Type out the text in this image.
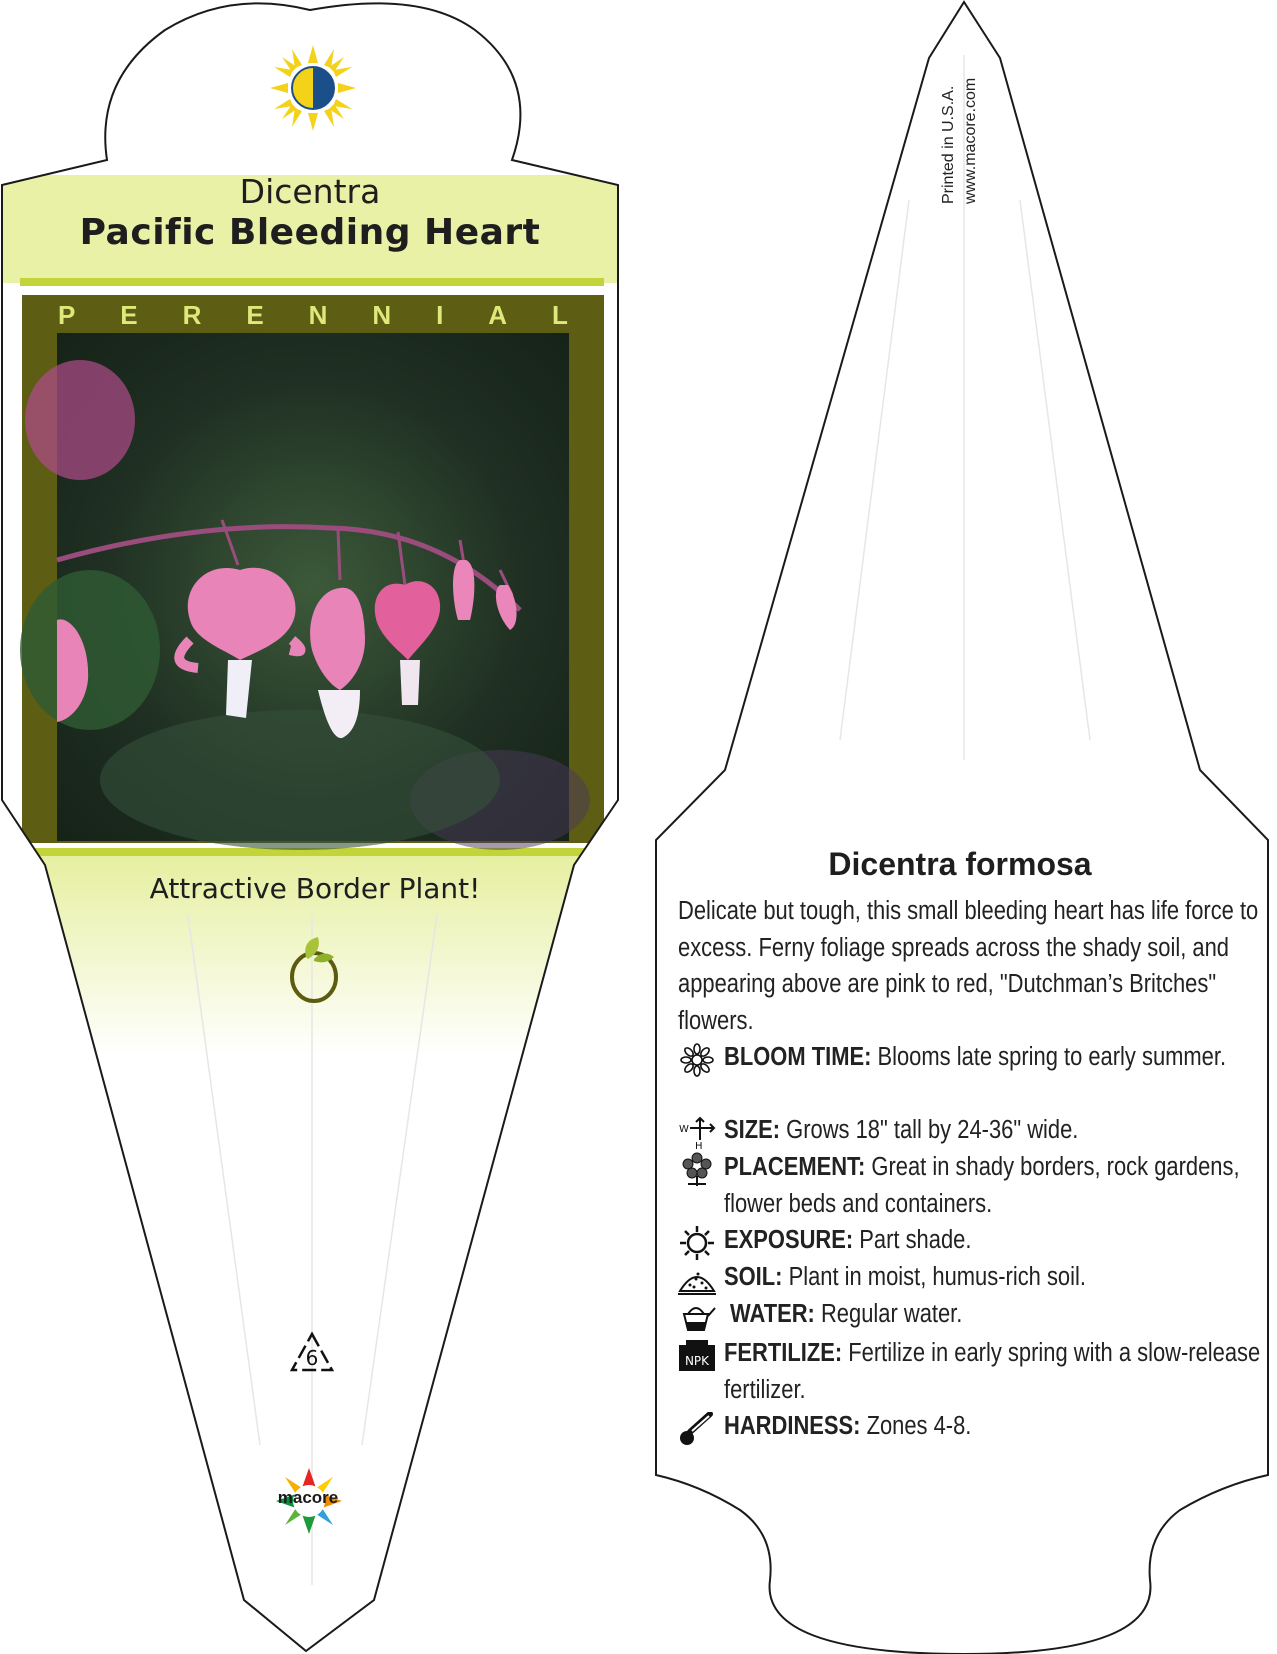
Dicentra
Pacific Bleeding Heart
P E R E N N I A L
Attractive Border Plant!
6
macore
Printed in U.S.A. www.macore.com
Dicentra formosa
Delicate but tough, this small bleeding heart has life force to excess. Ferny foliage spreads across the shady soil, and appearing above are pink to red, "Dutchman’s Britches" flowers.
BLOOM TIME: Blooms late spring to early summer.
W
H
SIZE: Grows 18" tall by 24-36" wide.
PLACEMENT: Great in shady borders, rock gardens, flower beds and containers.
EXPOSURE: Part shade.
SOIL: Plant in moist, humus-rich soil.
WATER: Regular water.
NPK FERTILIZE: Fertilize in early spring with a slow-release fertilizer.
HARDINESS: Zones 4-8.
